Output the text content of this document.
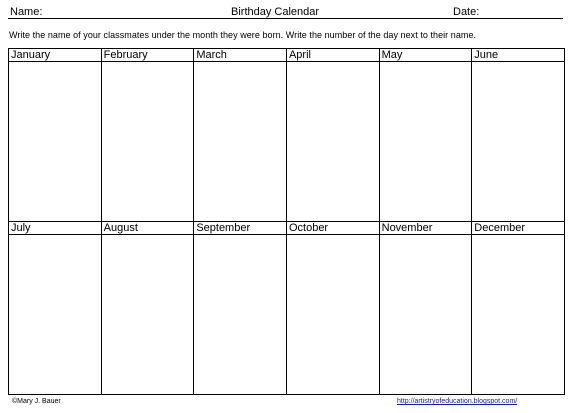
Name:	Birthday Calendar	Date:
Write the name of your classmates under the month they were born. Write the number of the day next to their name.
January	February	March	April	May	June

July	August	September	October	November	December

©Mary J. Bauer	http://artistryofeducation.blogspot.com/
